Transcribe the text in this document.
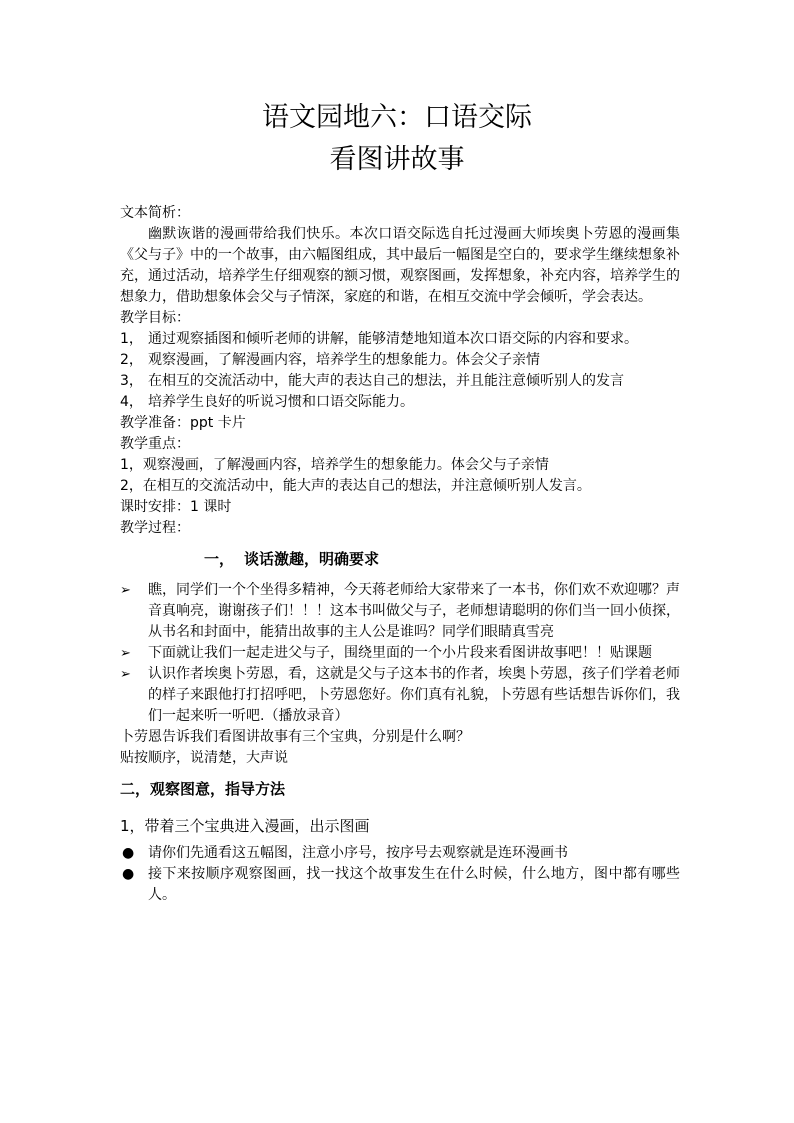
语文园地六：口语交际
看图讲故事
文本简析：
幽默诙谐的漫画带给我们快乐。本次口语交际选自托过漫画大师埃奥卜劳恩的漫画集《父与子》中的一个故事，由六幅图组成，其中最后一幅图是空白的，要求学生继续想象补充，通过活动，培养学生仔细观察的额习惯，观察图画，发挥想象，补充内容，培养学生的想象力，借助想象体会父与子情深，家庭的和谐，在相互交流中学会倾听，学会表达。
教学目标：
1， 通过观察插图和倾听老师的讲解，能够清楚地知道本次口语交际的内容和要求。
2， 观察漫画，了解漫画内容，培养学生的想象能力。体会父子亲情
3， 在相互的交流活动中，能大声的表达自己的想法，并且能注意倾听别人的发言
4， 培养学生良好的听说习惯和口语交际能力。
教学准备：ppt 卡片
教学重点：
1，观察漫画，了解漫画内容，培养学生的想象能力。体会父与子亲情
2，在相互的交流活动中，能大声的表达自己的想法，并注意倾听别人发言。
课时安排：1 课时
教学过程：
一， 谈话激趣，明确要求
➢ 瞧，同学们一个个坐得多精神，今天蒋老师给大家带来了一本书，你们欢不欢迎哪？声音真响亮，谢谢孩子们！！！这本书叫做父与子，老师想请聪明的你们当一回小侦探，从书名和封面中，能猜出故事的主人公是谁吗？同学们眼睛真雪亮
➢ 下面就让我们一起走进父与子，围绕里面的一个小片段来看图讲故事吧！！贴课题
➢ 认识作者埃奥卜劳恩，看，这就是父与子这本书的作者，埃奥卜劳恩，孩子们学着老师的样子来跟他打打招呼吧，卜劳恩您好。你们真有礼貌，卜劳恩有些话想告诉你们，我们一起来听一听吧.（播放录音）
卜劳恩告诉我们看图讲故事有三个宝典，分别是什么啊？
贴按顺序，说清楚，大声说
二，观察图意，指导方法
1，带着三个宝典进入漫画，出示图画
● 请你们先通看这五幅图，注意小序号，按序号去观察就是连环漫画书
● 接下来按顺序观察图画，找一找这个故事发生在什么时候，什么地方，图中都有哪些人。
